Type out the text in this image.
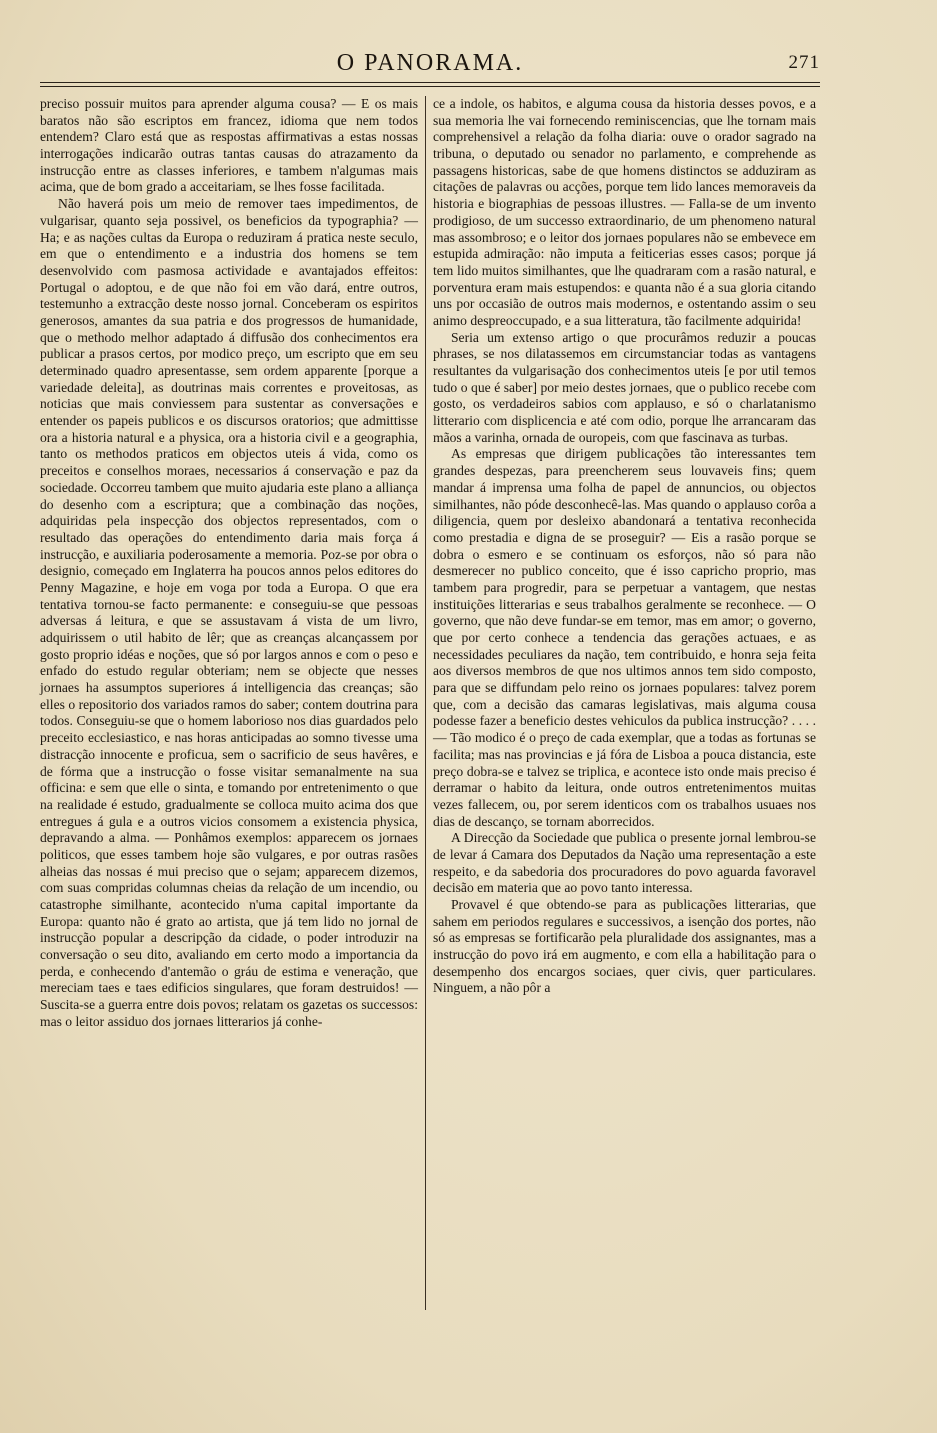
O PANORAMA.	271

preciso possuir muitos para aprender alguma cousa? — E os mais baratos não são escriptos em francez, idioma que nem todos entendem? Claro está que as respostas affirmativas a estas nossas interrogações indicarão outras tantas causas do atrazamento da instrucção entre as classes inferiores, e tambem n'algumas mais acima, que de bom grado a acceitariam, se lhes fosse facilitada.

Não haverá pois um meio de remover taes impedimentos, de vulgarisar, quanto seja possivel, os beneficios da typographia? — Ha; e as nações cultas da Europa o reduziram á pratica neste seculo, em que o entendimento e a industria dos homens se tem desenvolvido com pasmosa actividade e avantajados effeitos: Portugal o adoptou, e de que não foi em vão dará, entre outros, testemunho a extracção deste nosso jornal. Conceberam os espiritos generosos, amantes da sua patria e dos progressos de humanidade, que o methodo melhor adaptado á diffusão dos conhecimentos era publicar a prasos certos, por modico preço, um escripto que em seu determinado quadro apresentasse, sem ordem apparente [porque a variedade deleita], as doutrinas mais correntes e proveitosas, as noticias que mais conviessem para sustentar as conversações e entender os papeis publicos e os discursos oratorios; que admittisse ora a historia natural e a physica, ora a historia civil e a geographia, tanto os methodos praticos em objectos uteis á vida, como os preceitos e conselhos moraes, necessarios á conservação e paz da sociedade. Occorreu tambem que muito ajudaria este plano a alliança do desenho com a escriptura; que a combinação das noções, adquiridas pela inspecção dos objectos representados, com o resultado das operações do entendimento daria mais força á instrucção, e auxiliaria poderosamente a memoria. Poz-se por obra o designio, começado em Inglaterra ha poucos annos pelos editores do Penny Magazine, e hoje em voga por toda a Europa. O que era tentativa tornou-se facto permanente: e conseguiu-se que pessoas adversas á leitura, e que se assustavam á vista de um livro, adquirissem o util habito de lêr; que as creanças alcançassem por gosto proprio idéas e noções, que só por largos annos e com o peso e enfado do estudo regular obteriam; nem se objecte que nesses jornaes ha assumptos superiores á intelligencia das creanças; são elles o repositorio dos variados ramos do saber; contem doutrina para todos. Conseguiu-se que o homem laborioso nos dias guardados pelo preceito ecclesiastico, e nas horas anticipadas ao somno tivesse uma distracção innocente e proficua, sem o sacrificio de seus havêres, e de fórma que a instrucção o fosse visitar semanalmente na sua officina: e sem que elle o sinta, e tomando por entretenimento o que na realidade é estudo, gradualmente se colloca muito acima dos que entregues á gula e a outros vicios consomem a existencia physica, depravando a alma. — Ponhâmos exemplos: apparecem os jornaes politicos, que esses tambem hoje são vulgares, e por outras rasões alheias das nossas é mui preciso que o sejam; apparecem dizemos, com suas compridas columnas cheias da relação de um incendio, ou catastrophe similhante, acontecido n'uma capital importante da Europa: quanto não é grato ao artista, que já tem lido no jornal de instrucção popular a descripção da cidade, o poder introduzir na conversação o seu dito, avaliando em certo modo a importancia da perda, e conhecendo d'antemão o gráu de estima e veneração, que mereciam taes e taes edificios singulares, que foram destruidos! — Suscita-se a guerra entre dois povos; relatam os gazetas os successos: mas o leitor assiduo dos jornaes litterarios já conhe-

ce a indole, os habitos, e alguma cousa da historia desses povos, e a sua memoria lhe vai fornecendo reminiscencias, que lhe tornam mais comprehensivel a relação da folha diaria: ouve o orador sagrado na tribuna, o deputado ou senador no parlamento, e comprehende as passagens historicas, sabe de que homens distinctos se adduziram as citações de palavras ou acções, porque tem lido lances memoraveis da historia e biographias de pessoas illustres. — Falla-se de um invento prodigioso, de um successo extraordinario, de um phenomeno natural mas assombroso; e o leitor dos jornaes populares não se embevece em estupida admiração: não imputa a feiticerias esses casos; porque já tem lido muitos similhantes, que lhe quadraram com a rasão natural, e porventura eram mais estupendos: e quanta não é a sua gloria citando uns por occasião de outros mais modernos, e ostentando assim o seu animo despreoccupado, e a sua litteratura, tão facilmente adquirida!

Seria um extenso artigo o que procurâmos reduzir a poucas phrases, se nos dilatassemos em circumstanciar todas as vantagens resultantes da vulgarisação dos conhecimentos uteis [e por util temos tudo o que é saber] por meio destes jornaes, que o publico recebe com gosto, os verdadeiros sabios com applauso, e só o charlatanismo litterario com displicencia e até com odio, porque lhe arrancaram das mãos a varinha, ornada de ouropeis, com que fascinava as turbas.

As empresas que dirigem publicações tão interessantes tem grandes despezas, para preencherem seus louvaveis fins; quem mandar á imprensa uma folha de papel de annuncios, ou objectos similhantes, não póde desconhecê-las. Mas quando o applauso corôa a diligencia, quem por desleixo abandonará a tentativa reconhecida como prestadia e digna de se proseguir? — Eis a rasão porque se dobra o esmero e se continuam os esforços, não só para não desmerecer no publico conceito, que é isso capricho proprio, mas tambem para progredir, para se perpetuar a vantagem, que nestas instituições litterarias e seus trabalhos geralmente se reconhece. — O governo, que não deve fundar-se em temor, mas em amor; o governo, que por certo conhece a tendencia das gerações actuaes, e as necessidades peculiares da nação, tem contribuido, e honra seja feita aos diversos membros de que nos ultimos annos tem sido composto, para que se diffundam pelo reino os jornaes populares: talvez porem que, com a decisão das camaras legislativas, mais alguma cousa podesse fazer a beneficio destes vehiculos da publica instrucção? . . . . — Tão modico é o preço de cada exemplar, que a todas as fortunas se facilita; mas nas provincias e já fóra de Lisboa a pouca distancia, este preço dobra-se e talvez se triplica, e acontece isto onde mais preciso é derramar o habito da leitura, onde outros entretenimentos muitas vezes fallecem, ou, por serem identicos com os trabalhos usuaes nos dias de descanço, se tornam aborrecidos.

A Direcção da Sociedade que publica o presente jornal lembrou-se de levar á Camara dos Deputados da Nação uma representação a este respeito, e da sabedoria dos procuradores do povo aguarda favoravel decisão em materia que ao povo tanto interessa.

Provavel é que obtendo-se para as publicações litterarias, que sahem em periodos regulares e successivos, a isenção dos portes, não só as empresas se fortificarão pela pluralidade dos assignantes, mas a instrucção do povo irá em augmento, e com ella a habilitação para o desempenho dos encargos sociaes, quer civis, quer particulares. Ninguem, a não pôr a
